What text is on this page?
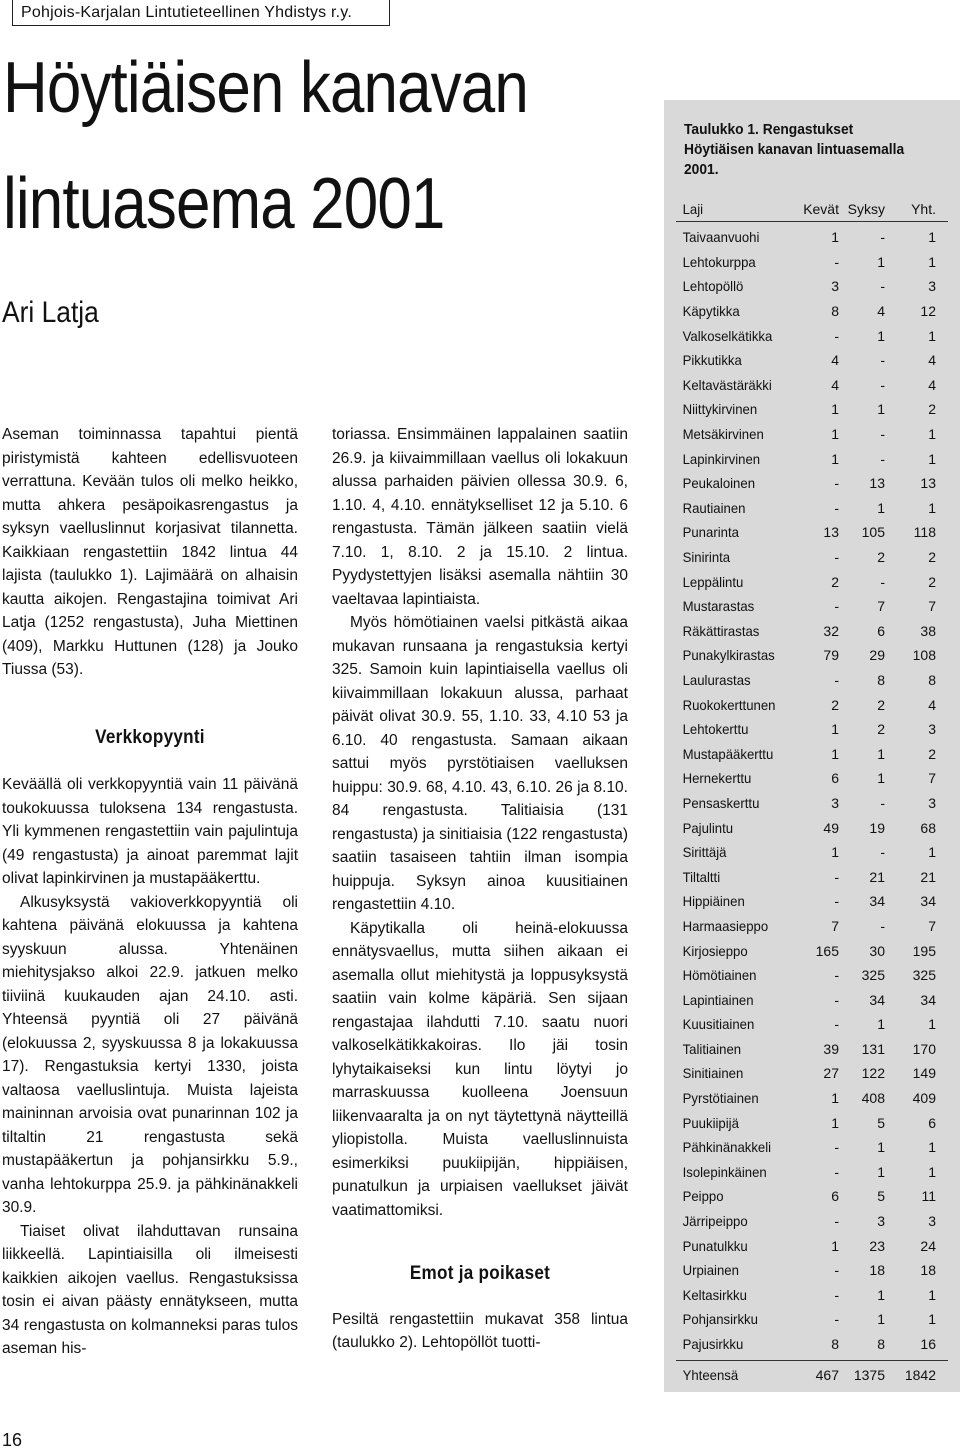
Pohjois-Karjalan Lintutieteellinen Yhdistys r.y.
Höytiäisen kanavan
lintuasema 2001
Ari Latja

Aseman toiminnassa tapahtui pientä piristymistä kahteen edellisvuoteen verrattuna. Kevään tulos oli melko heikko, mutta ahkera pesäpoikasrengastus ja syksyn vaelluslinnut korjasivat tilannetta. Kaikkiaan rengastettiin 1842 lintua 44 lajista (taulukko 1). Lajimäärä on alhaisin kautta aikojen. Rengastajina toimivat Ari Latja (1252 rengastusta), Juha Miettinen (409), Markku Huttunen (128) ja Jouko Tiussa (53).

Verkkopyynti

Keväällä oli verkkopyyntiä vain 11 päivänä toukokuussa tuloksena 134 rengastusta. Yli kymmenen rengastettiin vain pajulintuja (49 rengastusta) ja ainoat paremmat lajit olivat lapinkirvinen ja mustapääkerttu.

Alkusyksystä vakioverkkopyyntiä oli kahtena päivänä elokuussa ja kahtena syyskuun alussa. Yhtenäinen miehitysjakso alkoi 22.9. jatkuen melko tiiviinä kuukauden ajan 24.10. asti. Yhteensä pyyntiä oli 27 päivänä (elokuussa 2, syyskuussa 8 ja lokakuussa 17). Rengastuksia kertyi 1330, joista valtaosa vaelluslintuja. Muista lajeista maininnan arvoisia ovat punarinnan 102 ja tiltaltin 21 rengastusta sekä mustapääkertun ja pohjansirkku 5.9., vanha lehtokurppa 25.9. ja pähkinänakkeli 30.9.

Tiaiset olivat ilahduttavan runsaina liikkeellä. Lapintiaisilla oli ilmeisesti kaikkien aikojen vaellus. Rengastuksissa tosin ei aivan päästy ennätykseen, mutta 34 rengastusta on kolmanneksi paras tulos aseman his-

toriassa. Ensimmäinen lappalainen saatiin 26.9. ja kiivaimmillaan vaellus oli lokakuun alussa parhaiden päivien ollessa 30.9. 6, 1.10. 4, 4.10. ennätykselliset 12 ja 5.10. 6 rengastusta. Tämän jälkeen saatiin vielä 7.10. 1, 8.10. 2 ja 15.10. 2 lintua. Pyydystettyjen lisäksi asemalla nähtiin 30 vaeltavaa lapintiaista.

Myös hömötiainen vaelsi pitkästä aikaa mukavan runsaana ja rengastuksia kertyi 325. Samoin kuin lapintiaisella vaellus oli kiivaimmillaan lokakuun alussa, parhaat päivät olivat 30.9. 55, 1.10. 33, 4.10 53 ja 6.10. 40 rengastusta. Samaan aikaan sattui myös pyrstötiaisen vaelluksen huippu: 30.9. 68, 4.10. 43, 6.10. 26 ja 8.10. 84 rengastusta. Talitiaisia (131 rengastusta) ja sinitiaisia (122 rengastusta) saatiin tasaiseen tahtiin ilman isompia huippuja. Syksyn ainoa kuusitiainen rengastettiin 4.10.

Käpytikalla oli heinä-elokuussa ennätysvaellus, mutta siihen aikaan ei asemalla ollut miehitystä ja loppusyksystä saatiin vain kolme käpäriä. Sen sijaan rengastajaa ilahdutti 7.10. saatu nuori valkoselkätikkakoiras. Ilo jäi tosin lyhytaikaiseksi kun lintu löytyi jo marraskuussa kuolleena Joensuun liikenvaaralta ja on nyt täytettynä näytteillä yliopistolla. Muista vaelluslinnuista esimerkiksi puukiipijän, hippiäisen, punatulkun ja urpiaisen vaellukset jäivät vaatimattomiksi.

Emot ja poikaset

Pesiltä rengastettiin mukavat 358 lintua (taulukko 2). Lehtopöllöt tuotti-

16
Taulukko 1. Rengastukset Höytiäisen kanavan lintuasemalla 2001.
Laji	Kevät Syksy	Yht.
Taivaanvuohi	1	-	1
Lehtokurppa	-	1	1
Lehtopöllö	3	-	3
Käpytikka	8	4	12
Valkoselkätikka	-	1	1
Pikkutikka	4	-	4
Keltavästäräkki	4	-	4
Niittykirvinen	1	1	2
Metsäkirvinen	1	-	1
Lapinkirvinen	1	-	1
Peukaloinen	-	13	13
Rautiainen	-	1	1
Punarinta	13	105	118
Sinirinta	-	2	2
Leppälintu	2	-	2
Mustarastas	-	7	7
Räkättirastas	32	6	38
Punakylkirastas	79	29	108
Laulurastas	-	8	8
Ruokokerttunen	2	2	4
Lehtokerttu	1	2	3
Mustapääkerttu	1	1	2
Hernekerttu	6	1	7
Pensaskerttu	3	-	3
Pajulintu	49	19	68
Sirittäjä	1	-	1
Tiltaltti	-	21	21
Hippiäinen	-	34	34
Harmaasieppo	7	-	7
Kirjosieppo	165	30	195
Hömötiainen	-	325	325
Lapintiainen	-	34	34
Kuusitiainen	-	1	1
Talitiainen	39	131	170
Sinitiainen	27	122	149
Pyrstötiainen	1	408	409
Puukiipijä	1	5	6
Pähkinänakkeli	-	1	1
Isolepinkäinen	-	1	1
Peippo	6	5	11
Järripeippo	-	3	3
Punatulkku	1	23	24
Urpiainen	-	18	18
Keltasirkku	-	1	1
Pohjansirkku	-	1	1
Pajusirkku	8	8	16
Yhteensä	467	1375	1842
